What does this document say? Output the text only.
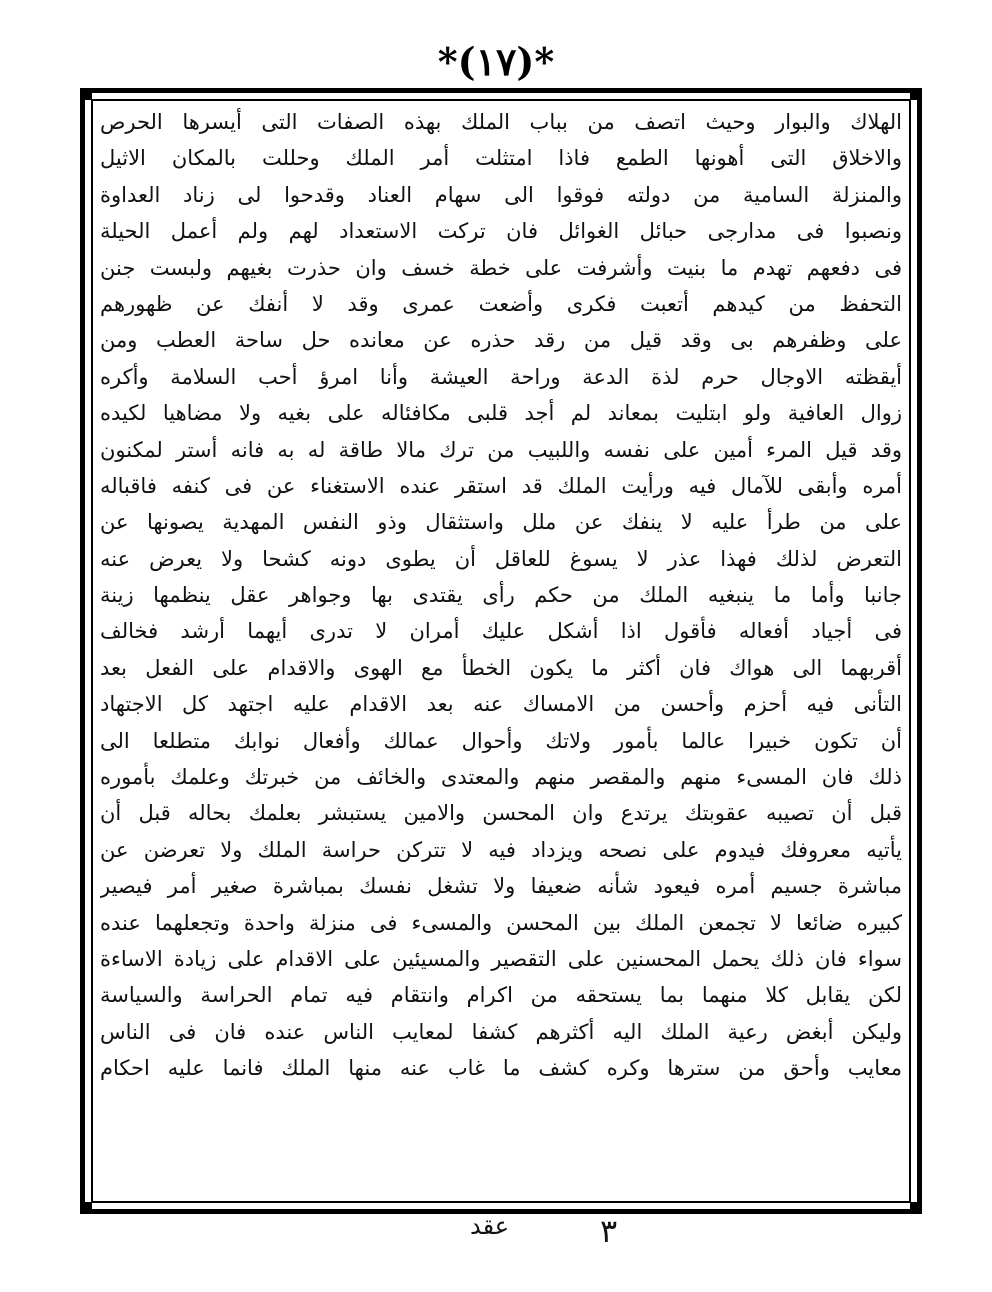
*(١٧)*
الهلاك والبوار وحيث اتصف من بباب الملك بهذه الصفات التى أيسرها الحرص
والاخلاق التى أهونها الطمع فاذا امتثلت أمر الملك وحللت بالمكان الاثيل
والمنزلة السامية من دولته فوقوا الى سهام العناد وقدحوا لى زناد العداوة
ونصبوا فى مدارجى حبائل الغوائل فان تركت الاستعداد لهم ولم أعمل الحيلة
فى دفعهم تهدم ما بنيت وأشرفت على خطة خسف وان حذرت بغيهم ولبست جنن
التحفظ من كيدهم أتعبت فكرى وأضعت عمرى وقد لا أنفك عن ظهورهم
على وظفرهم بى وقد قيل من رقد حذره عن معانده حل ساحة العطب ومن
أيقظته الاوجال حرم لذة الدعة وراحة العيشة وأنا امرؤ أحب السلامة وأكره
زوال العافية ولو ابتليت بمعاند لم أجد قلبى مكافئاله على بغيه ولا مضاهيا لكيده
وقد قيل المرء أمين على نفسه واللبيب من ترك مالا طاقة له به فانه أستر لمكنون
أمره وأبقى للآمال فيه ورأيت الملك قد استقر عنده الاستغناء عن فى كنفه فاقباله
على من طرأ عليه لا ينفك عن ملل واستثقال وذو النفس المهدية يصونها عن
التعرض لذلك فهذا عذر لا يسوغ للعاقل أن يطوى دونه كشحا ولا يعرض عنه
جانبا وأما ما ينبغيه الملك من حكم رأى يقتدى بها وجواهر عقل ينظمها زينة
فى أجياد أفعاله فأقول اذا أشكل عليك أمران لا تدرى أيهما أرشد فخالف
أقربهما الى هواك فان أكثر ما يكون الخطأ مع الهوى والاقدام على الفعل بعد
التأنى فيه أحزم وأحسن من الامساك عنه بعد الاقدام عليه اجتهد كل الاجتهاد
أن تكون خبيرا عالما بأمور ولاتك وأحوال عمالك وأفعال نوابك متطلعا الى
ذلك فان المسىء منهم والمقصر منهم والمعتدى والخائف من خبرتك وعلمك بأموره
قبل أن تصيبه عقوبتك يرتدع وان المحسن والامين يستبشر بعلمك بحاله قبل أن
يأتيه معروفك فيدوم على نصحه ويزداد فيه لا تتركن حراسة الملك ولا تعرضن عن
مباشرة جسيم أمره فيعود شأنه ضعيفا ولا تشغل نفسك بمباشرة صغير أمر فيصير
كبيره ضائعا لا تجمعن الملك بين المحسن والمسىء فى منزلة واحدة وتجعلهما عنده
سواء فان ذلك يحمل المحسنين على التقصير والمسيئين على الاقدام على زيادة الاساءة
لكن يقابل كلا منهما بما يستحقه من اكرام وانتقام فيه تمام الحراسة والسياسة
وليكن أبغض رعية الملك اليه أكثرهم كشفا لمعايب الناس عنده فان فى الناس
معايب وأحق من سترها وكره كشف ما غاب عنه منها الملك فانما عليه احكام
عقد	٣
